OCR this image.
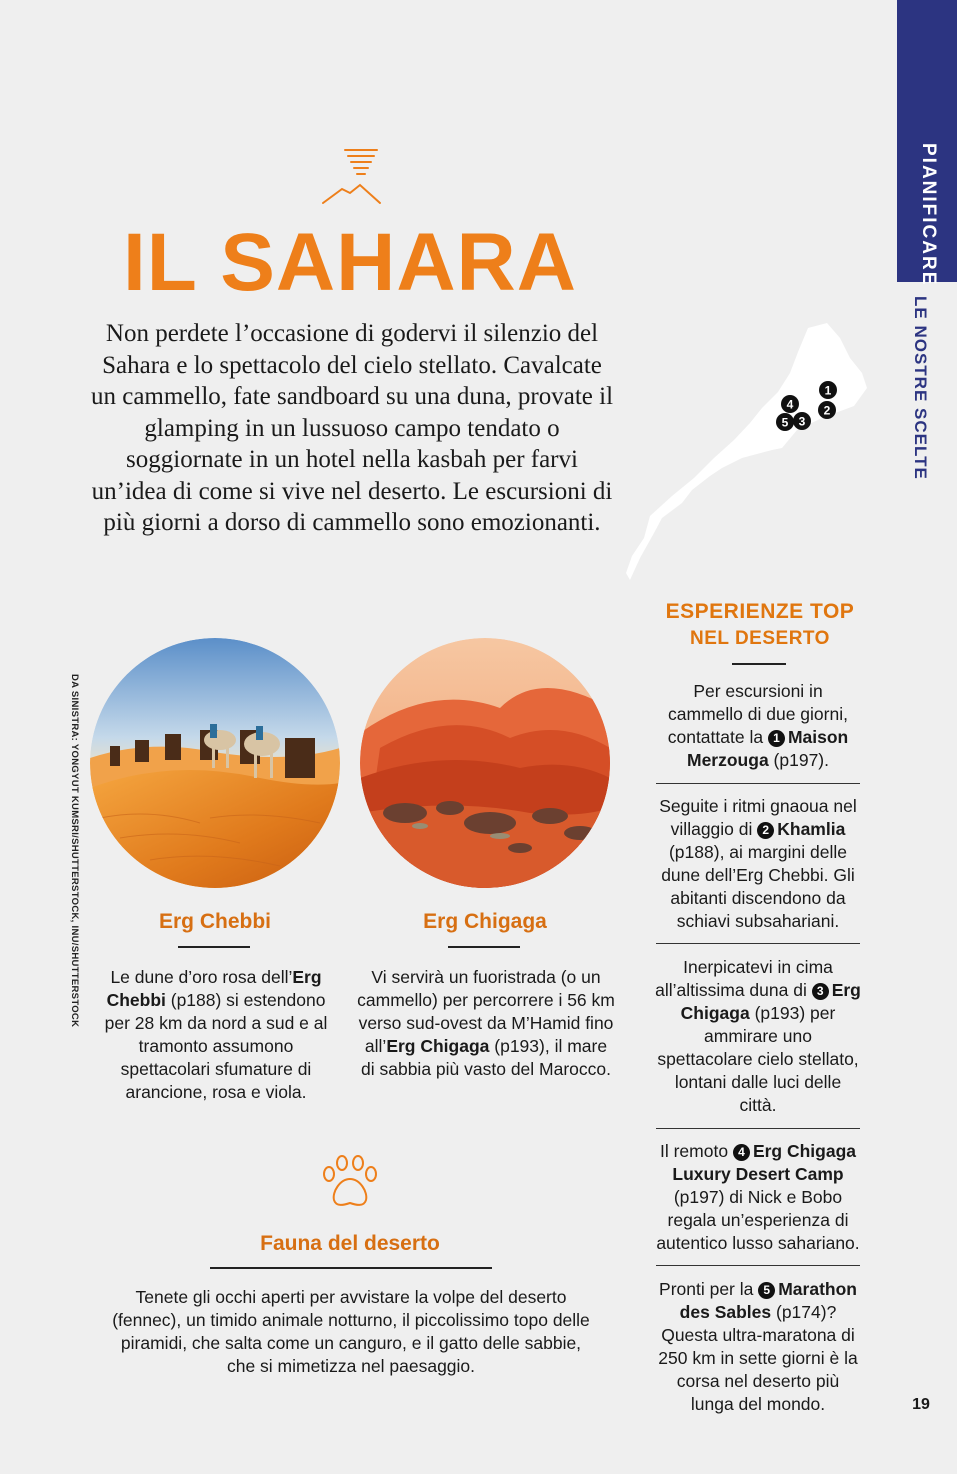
PIANIFICARE
LE NOSTRE SCELTE
IL SAHARA
Non perdete l’occasione di godervi il silenzio del Sahara e lo spettacolo del cielo stellato. Cavalcate un cammello, fate sandboard su una duna, provate il glamping in un lussuoso campo tendato o soggiornate in un hotel nella kasbah per farvi un’idea di come si vive nel deserto. Le escursioni di più giorni a dorso di cammello sono emozionanti.
1
2
4
3
5
DA SINISTRA: YONGYUT KUMSRI/SHUTTERSTOCK, INU/SHUTTERSTOCK	Erg Chebbi
Le dune d’oro rosa dell’Erg Chebbi (p188) si estendono per 28 km da nord a sud e al tramonto assumono spettacolari sfumature di arancione, rosa e viola.
Erg Chigaga
Vi servirà un fuoristrada (o un cammello) per percorrere i 56 km verso sud-ovest da M’Hamid fino all’Erg Chigaga (p193), il mare di sabbia più vasto del Marocco.
Fauna del deserto
Tenete gli occhi aperti per avvistare la volpe del deserto (fennec), un timido animale notturno, il piccolissimo topo delle piramidi, che salta come un canguro, e il gatto delle sabbie, che si mimetizza nel paesaggio.
ESPERIENZE TOP
NEL DESERTO
Per escursioni in cammello di due giorni, contattate la 1 Maison Merzouga (p197).
Seguite i ritmi gnaoua nel villaggio di 2 Khamlia (p188), ai margini delle dune dell’Erg Chebbi. Gli abitanti discendono da schiavi subsahariani.
Inerpicatevi in cima all’altissima duna di 3 Erg Chigaga (p193) per ammirare uno spettacolare cielo stellato, lontani dalle luci delle città.
Il remoto 4 Erg Chigaga Luxury Desert Camp (p197) di Nick e Bobo regala un’esperienza di autentico lusso sahariano.
Pronti per la 5 Marathon des Sables (p174)? Questa ultra-maratona di 250 km in sette giorni è la corsa nel deserto più lunga del mondo.	19
